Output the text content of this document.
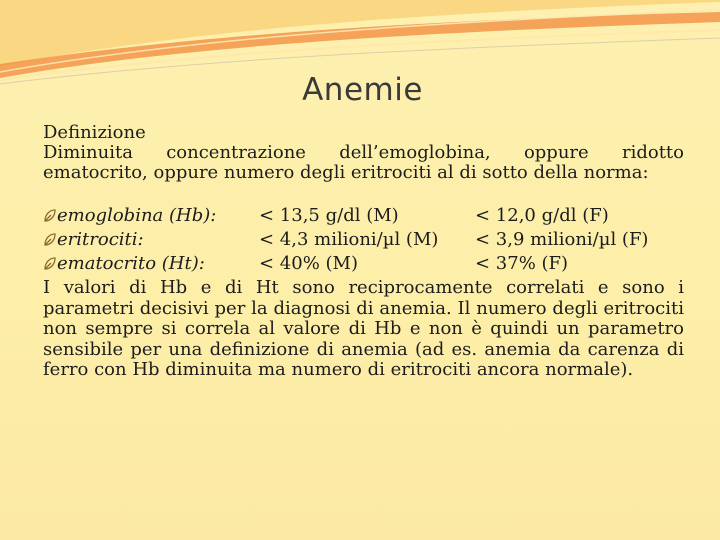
Anemie

Definizione

Diminuita concentrazione dell’emoglobina, oppure ridotto ematocrito, oppure numero degli eritrociti al di sotto della norma:

emoglobina (Hb): < 13,5 g/dl (M)	< 12,0 g/dl (F)
eritrociti:	< 4,3 milioni/µl (M) < 3,9 milioni/µl (F)
ematocrito (Ht):	< 40% (M)	< 37% (F)

I valori di Hb e di Ht sono reciprocamente correlati e sono i parametri decisivi per la diagnosi di anemia. Il numero degli eritrociti non sempre si correla al valore di Hb e non è quindi un parametro sensibile per una definizione di anemia (ad es. anemia da carenza di ferro con Hb diminuita ma numero di eritrociti ancora normale).
